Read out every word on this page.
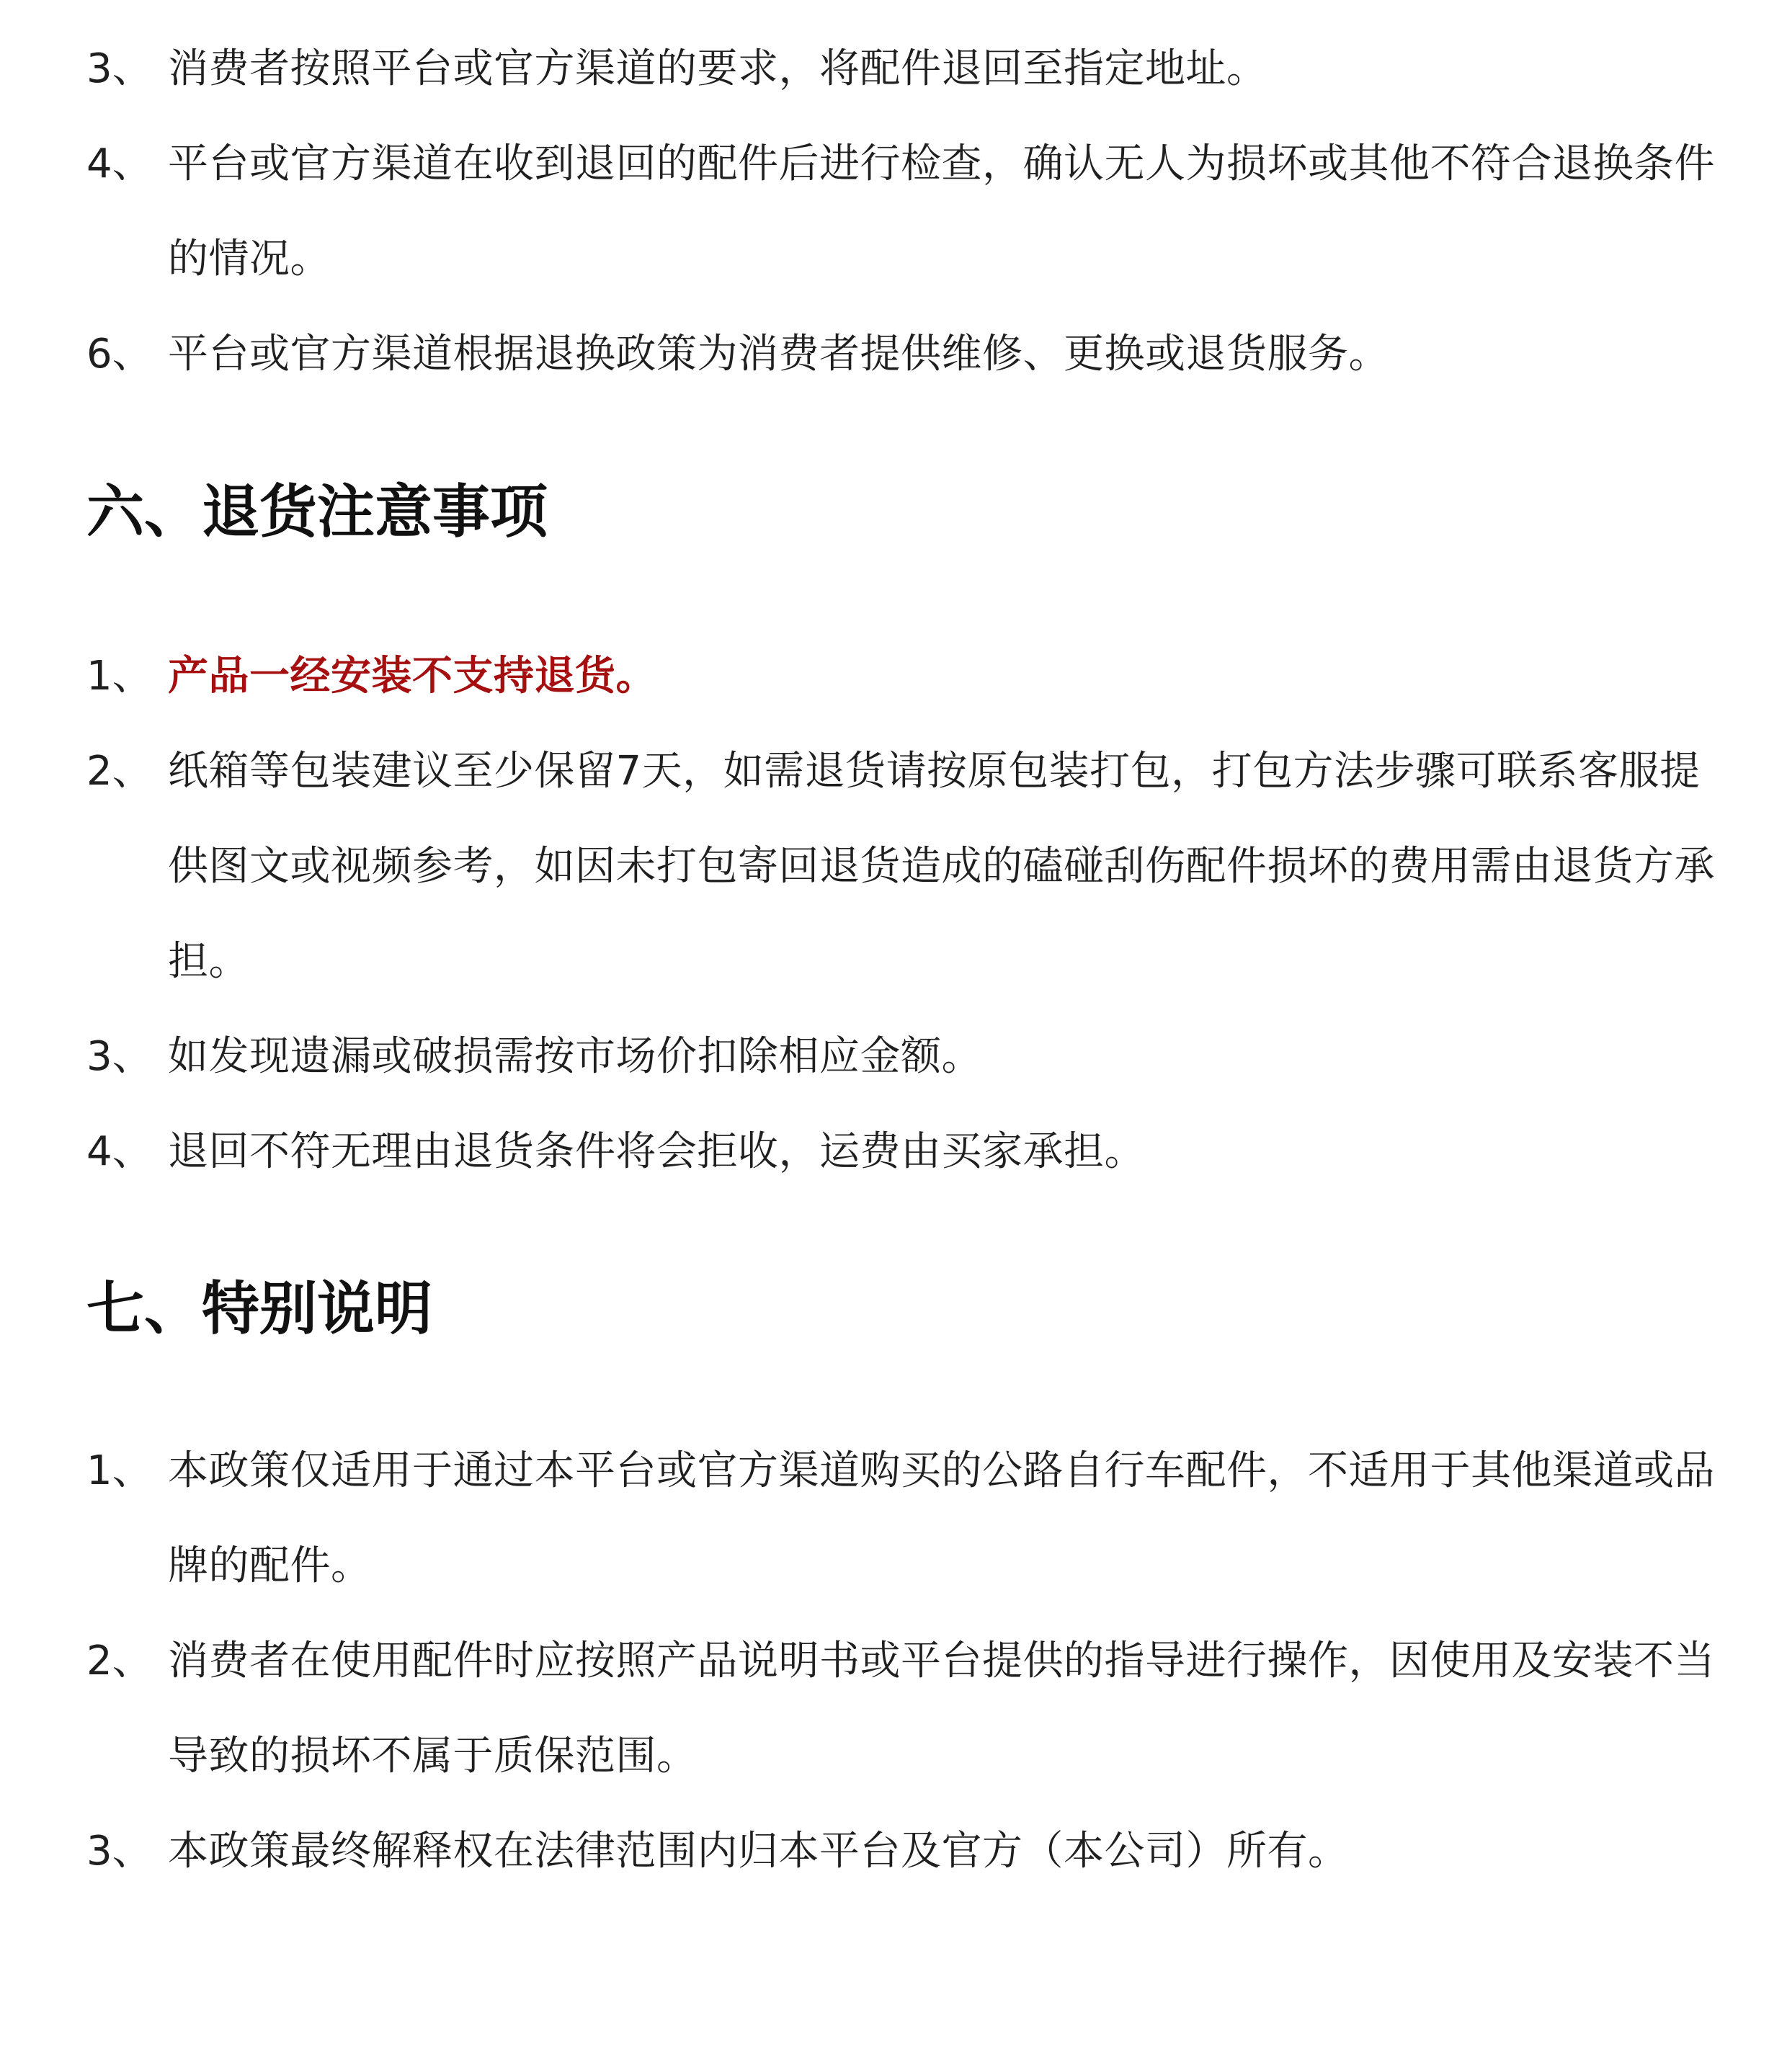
3、 消费者按照平台或官方渠道的要求，将配件退回至指定地址。
4、 平台或官方渠道在收到退回的配件后进行检查，确认无人为损坏或其他不符合退换条件的情况。
6、 平台或官方渠道根据退换政策为消费者提供维修、更换或退货服务。
六、退货注意事项
1、 产品一经安装不支持退货。
2、 纸箱等包装建议至少保留7天，如需退货请按原包装打包，打包方法步骤可联系客服提供图文或视频参考，如因未打包寄回退货造成的磕碰刮伤配件损坏的费用需由退货方承担。
3、 如发现遗漏或破损需按市场价扣除相应金额。
4、 退回不符无理由退货条件将会拒收，运费由买家承担。
七、特别说明
1、 本政策仅适用于通过本平台或官方渠道购买的公路自行车配件，不适用于其他渠道或品牌的配件。
2、 消费者在使用配件时应按照产品说明书或平台提供的指导进行操作，因使用及安装不当导致的损坏不属于质保范围。
3、 本政策最终解释权在法律范围内归本平台及官方（本公司）所有。
